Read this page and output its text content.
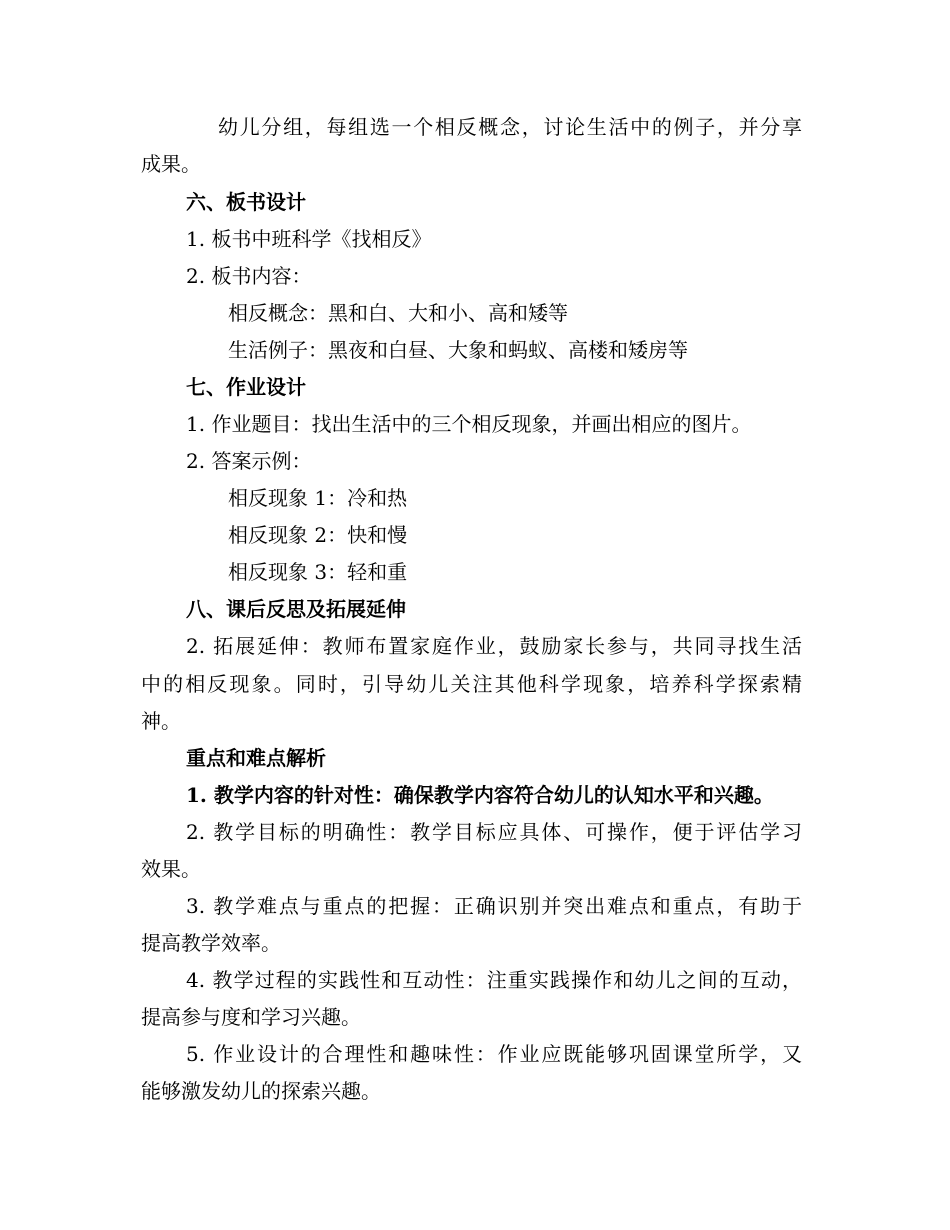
幼儿分组，每组选一个相反概念，讨论生活中的例子，并分享
成果。
六、板书设计
1. 板书中班科学《找相反》
2. 板书内容：
相反概念：黑和白、大和小、高和矮等
生活例子：黑夜和白昼、大象和蚂蚁、高楼和矮房等
七、作业设计
1. 作业题目：找出生活中的三个相反现象，并画出相应的图片。
2. 答案示例：
相反现象 1：冷和热
相反现象 2：快和慢
相反现象 3：轻和重
八、课后反思及拓展延伸
2. 拓展延伸：教师布置家庭作业，鼓励家长参与，共同寻找生活
中的相反现象。同时，引导幼儿关注其他科学现象，培养科学探索精
神。
重点和难点解析
1. 教学内容的针对性：确保教学内容符合幼儿的认知水平和兴趣。
2. 教学目标的明确性：教学目标应具体、可操作，便于评估学习
效果。
3. 教学难点与重点的把握：正确识别并突出难点和重点，有助于
提高教学效率。
4. 教学过程的实践性和互动性：注重实践操作和幼儿之间的互动，
提高参与度和学习兴趣。
5. 作业设计的合理性和趣味性：作业应既能够巩固课堂所学，又
能够激发幼儿的探索兴趣。
